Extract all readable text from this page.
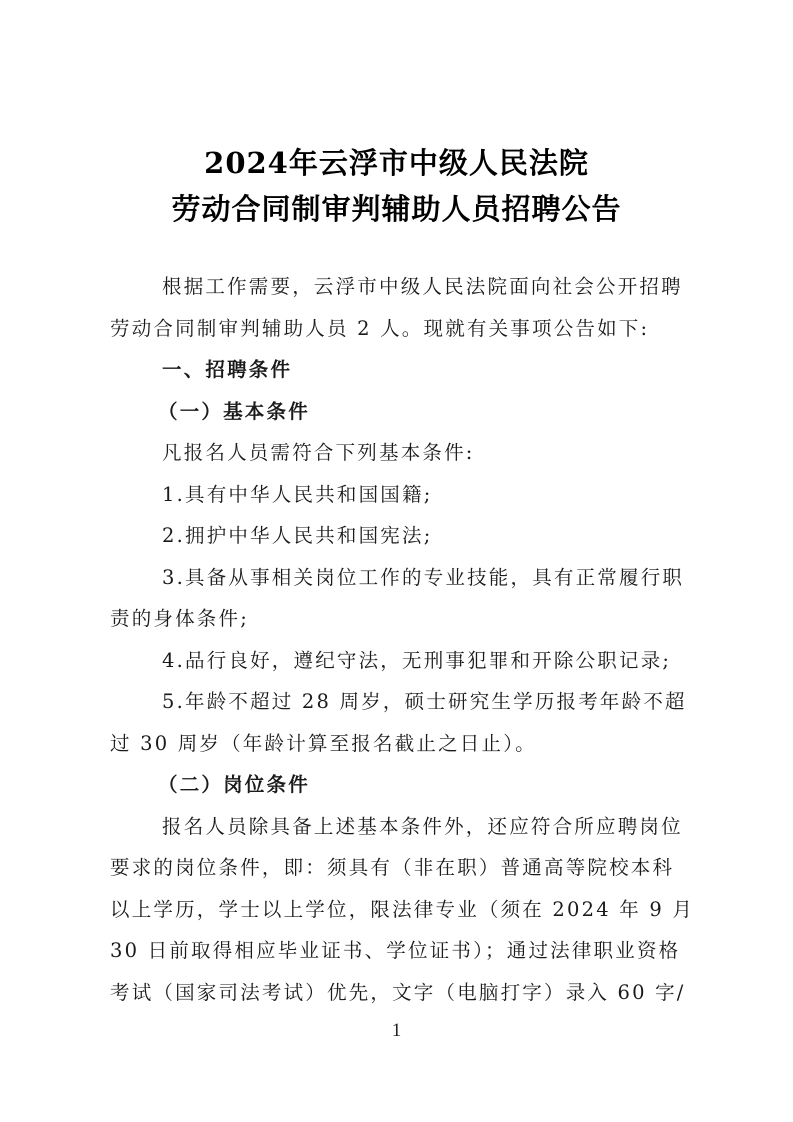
2024年云浮市中级人民法院
劳动合同制审判辅助人员招聘公告
根据工作需要，云浮市中级人民法院面向社会公开招聘
劳动合同制审判辅助人员 2 人。现就有关事项公告如下:
一、招聘条件
（一）基本条件
凡报名人员需符合下列基本条件:
1.具有中华人民共和国国籍;
2.拥护中华人民共和国宪法;
3.具备从事相关岗位工作的专业技能，具有正常履行职
责的身体条件;
4.品行良好，遵纪守法，无刑事犯罪和开除公职记录;
5.年龄不超过 28 周岁，硕士研究生学历报考年龄不超
过 30 周岁（年龄计算至报名截止之日止）。
（二）岗位条件
报名人员除具备上述基本条件外，还应符合所应聘岗位
要求的岗位条件，即：须具有（非在职）普通高等院校本科
以上学历，学士以上学位，限法律专业（须在 2024 年 9 月
30 日前取得相应毕业证书、学位证书）；通过法律职业资格
考试（国家司法考试）优先，文字（电脑打字）录入 60 字/
1
